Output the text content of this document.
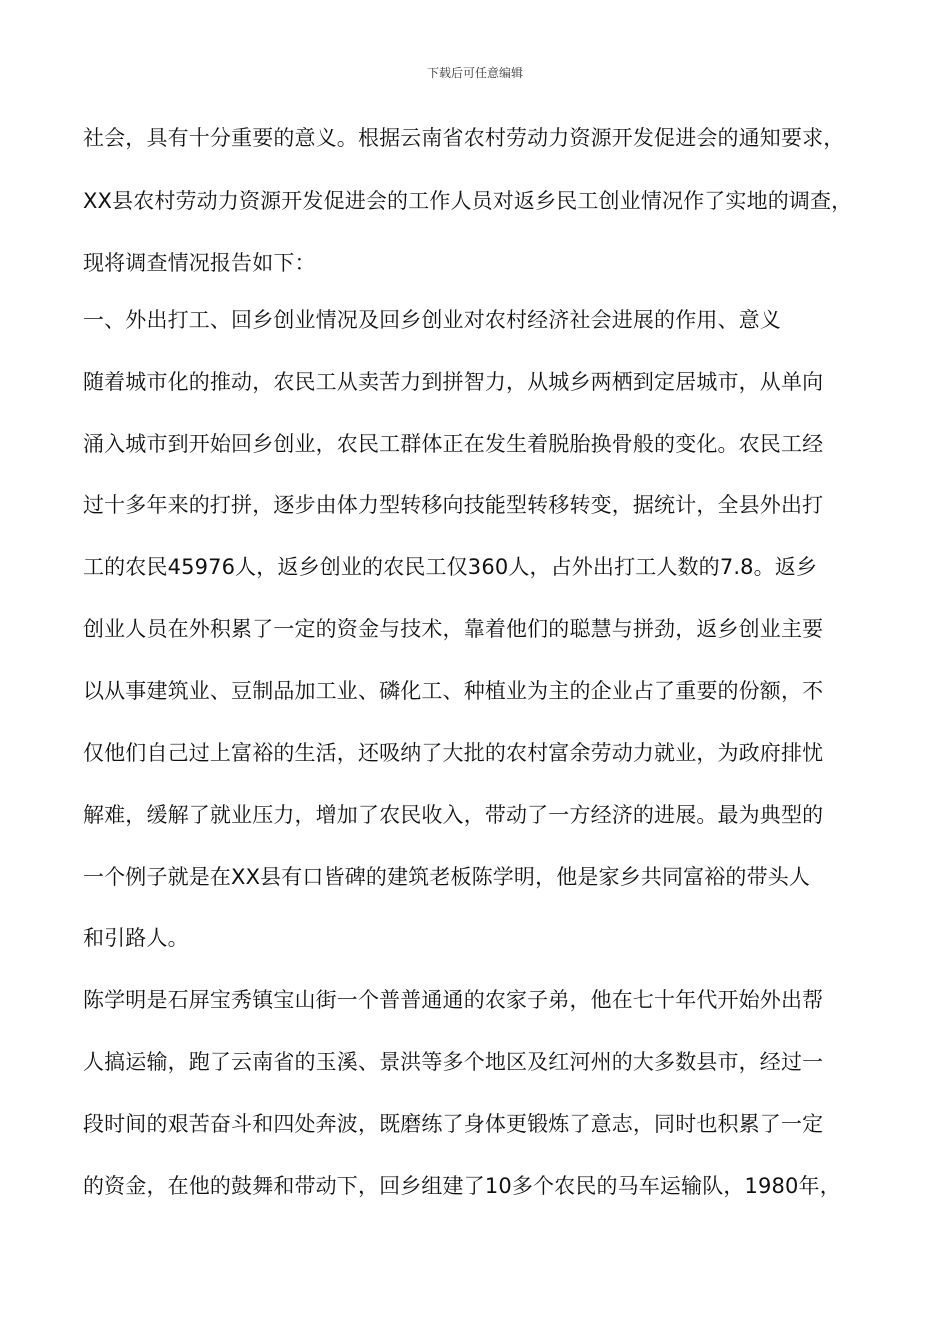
下载后可任意编辑
社会，具有十分重要的意义。根据云南省农村劳动力资源开发促进会的通知要求，
XX县农村劳动力资源开发促进会的工作人员对返乡民工创业情况作了实地的调查，
现将调查情况报告如下：
一、外出打工、回乡创业情况及回乡创业对农村经济社会进展的作用、意义
随着城市化的推动，农民工从卖苦力到拼智力，从城乡两栖到定居城市，从单向
涌入城市到开始回乡创业，农民工群体正在发生着脱胎换骨般的变化。农民工经
过十多年来的打拼，逐步由体力型转移向技能型转移转变，据统计，全县外出打
工的农民45976人，返乡创业的农民工仅360人，占外出打工人数的7.8。返乡
创业人员在外积累了一定的资金与技术，靠着他们的聪慧与拼劲，返乡创业主要
以从事建筑业、豆制品加工业、磷化工、种植业为主的企业占了重要的份额，不
仅他们自己过上富裕的生活，还吸纳了大批的农村富余劳动力就业，为政府排忧
解难，缓解了就业压力，增加了农民收入，带动了一方经济的进展。最为典型的
一个例子就是在XX县有口皆碑的建筑老板陈学明，他是家乡共同富裕的带头人
和引路人。
陈学明是石屏宝秀镇宝山街一个普普通通的农家子弟，他在七十年代开始外出帮
人搞运输，跑了云南省的玉溪、景洪等多个地区及红河州的大多数县市，经过一
段时间的艰苦奋斗和四处奔波，既磨练了身体更锻炼了意志，同时也积累了一定
的资金，在他的鼓舞和带动下，回乡组建了10多个农民的马车运输队，1980年，
